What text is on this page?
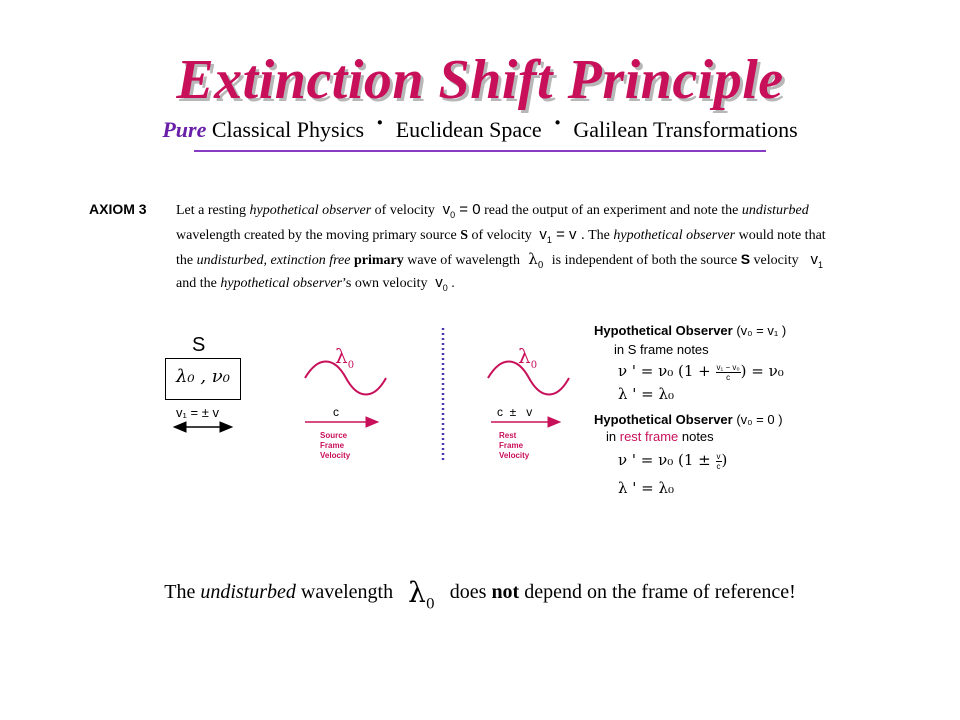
Extinction Shift Principle
Pure Classical Physics · Euclidean Space · Galilean Transformations
AXIOM 3 Let a resting hypothetical observer of velocity  $v_0 = 0$ read the output of an experiment and note the undisturbed
wavelength created by the moving primary source S of velocity  $v_1 = v$ . The hypothetical observer would note that
the undisturbed, extinction free primary wave of wavelength  $\lambda_0$  is independent of both the source S velocity   $v_1$
and the hypothetical observer’s own velocity  $v_0$ .
S
λ₀ , ν₀
v₁ = ± v
$\lambda_0$	$\lambda_0$
c
Source
Frame
Velocity
c ± v
Rest
Frame
Velocity
Hypothetical Observer (v₀ = v₁ )
in S frame notes
ν ' = ν₀ ($1 + \frac{\text{v₁ − v₀}}{c}$ ) = ν₀
λ ' = λ₀
Hypothetical Observer (v₀ = 0 )
in rest frame notes
ν ' = ν₀ ($1 \pm \frac{v}{c}$ )
λ ' = λ₀
The undisturbed wavelength $\lambda_0$ does not depend on the frame of reference!
